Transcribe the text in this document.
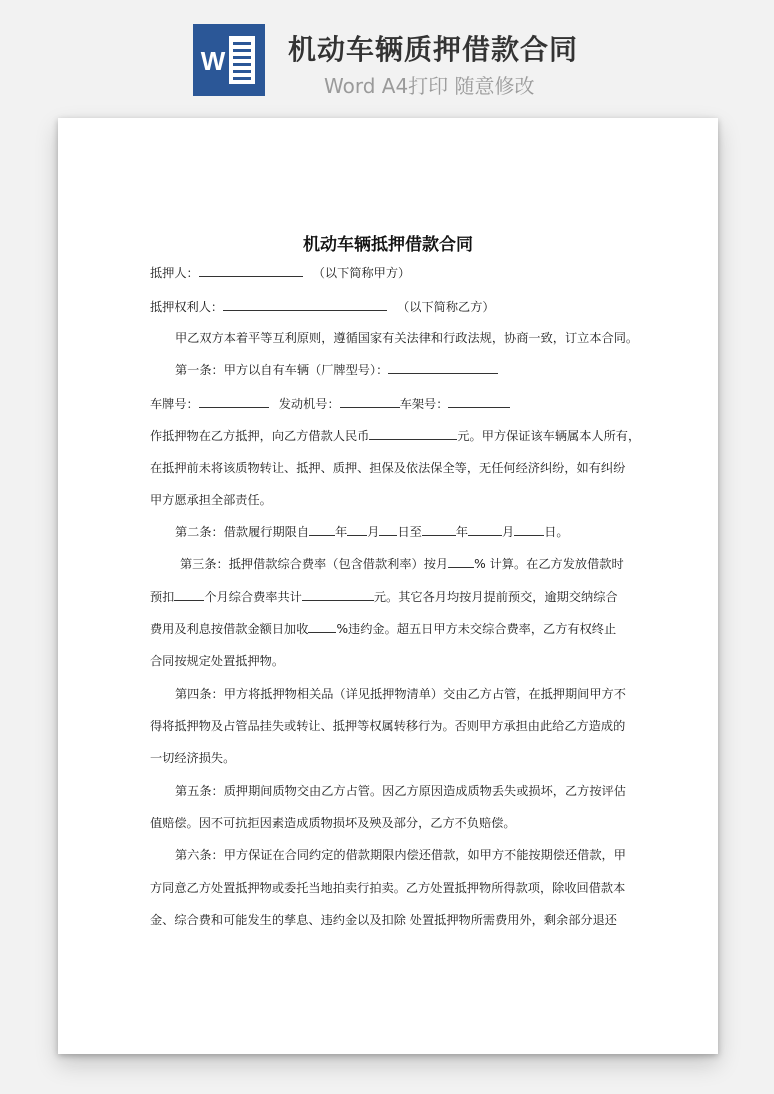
W 机动车辆质押借款合同
Word A4打印 随意修改
机动车辆抵押借款合同
抵押人：	（以下简称甲方）
抵押权利人：	（以下简称乙方）
甲乙双方本着平等互利原则，遵循国家有关法律和行政法规，协商一致，订立本合同。
第一条：甲方以自有车辆（厂牌型号）：
车牌号：	发动机号：	车架号：
作抵押物在乙方抵押，向乙方借款人民币	元。甲方保证该车辆属本人所有，
在抵押前未将该质物转让、抵押、质押、担保及依法保全等，无任何经济纠纷，如有纠纷
甲方愿承担全部责任。
第二条：借款履行期限自 年 月 日至	年	月 日。
第三条：抵押借款综合费率（包含借款利率）按月 % 计算。在乙方发放借款时
预扣 个月综合费率共计	元。其它各月均按月提前预交，逾期交纳综合
费用及利息按借款金额日加收 %违约金。超五日甲方未交综合费率，乙方有权终止
合同按规定处置抵押物。
第四条：甲方将抵押物相关品（详见抵押物清单）交由乙方占管，在抵押期间甲方不
得将抵押物及占管品挂失或转让、抵押等权属转移行为。否则甲方承担由此给乙方造成的
一切经济损失。
第五条：质押期间质物交由乙方占管。因乙方原因造成质物丢失或损坏，乙方按评估
值赔偿。因不可抗拒因素造成质物损坏及殃及部分，乙方不负赔偿。
第六条：甲方保证在合同约定的借款期限内偿还借款，如甲方不能按期偿还借款，甲
方同意乙方处置抵押物或委托当地拍卖行拍卖。乙方处置抵押物所得款项，除收回借款本
金、综合费和可能发生的孳息、违约金以及扣除 处置抵押物所需费用外，剩余部分退还
